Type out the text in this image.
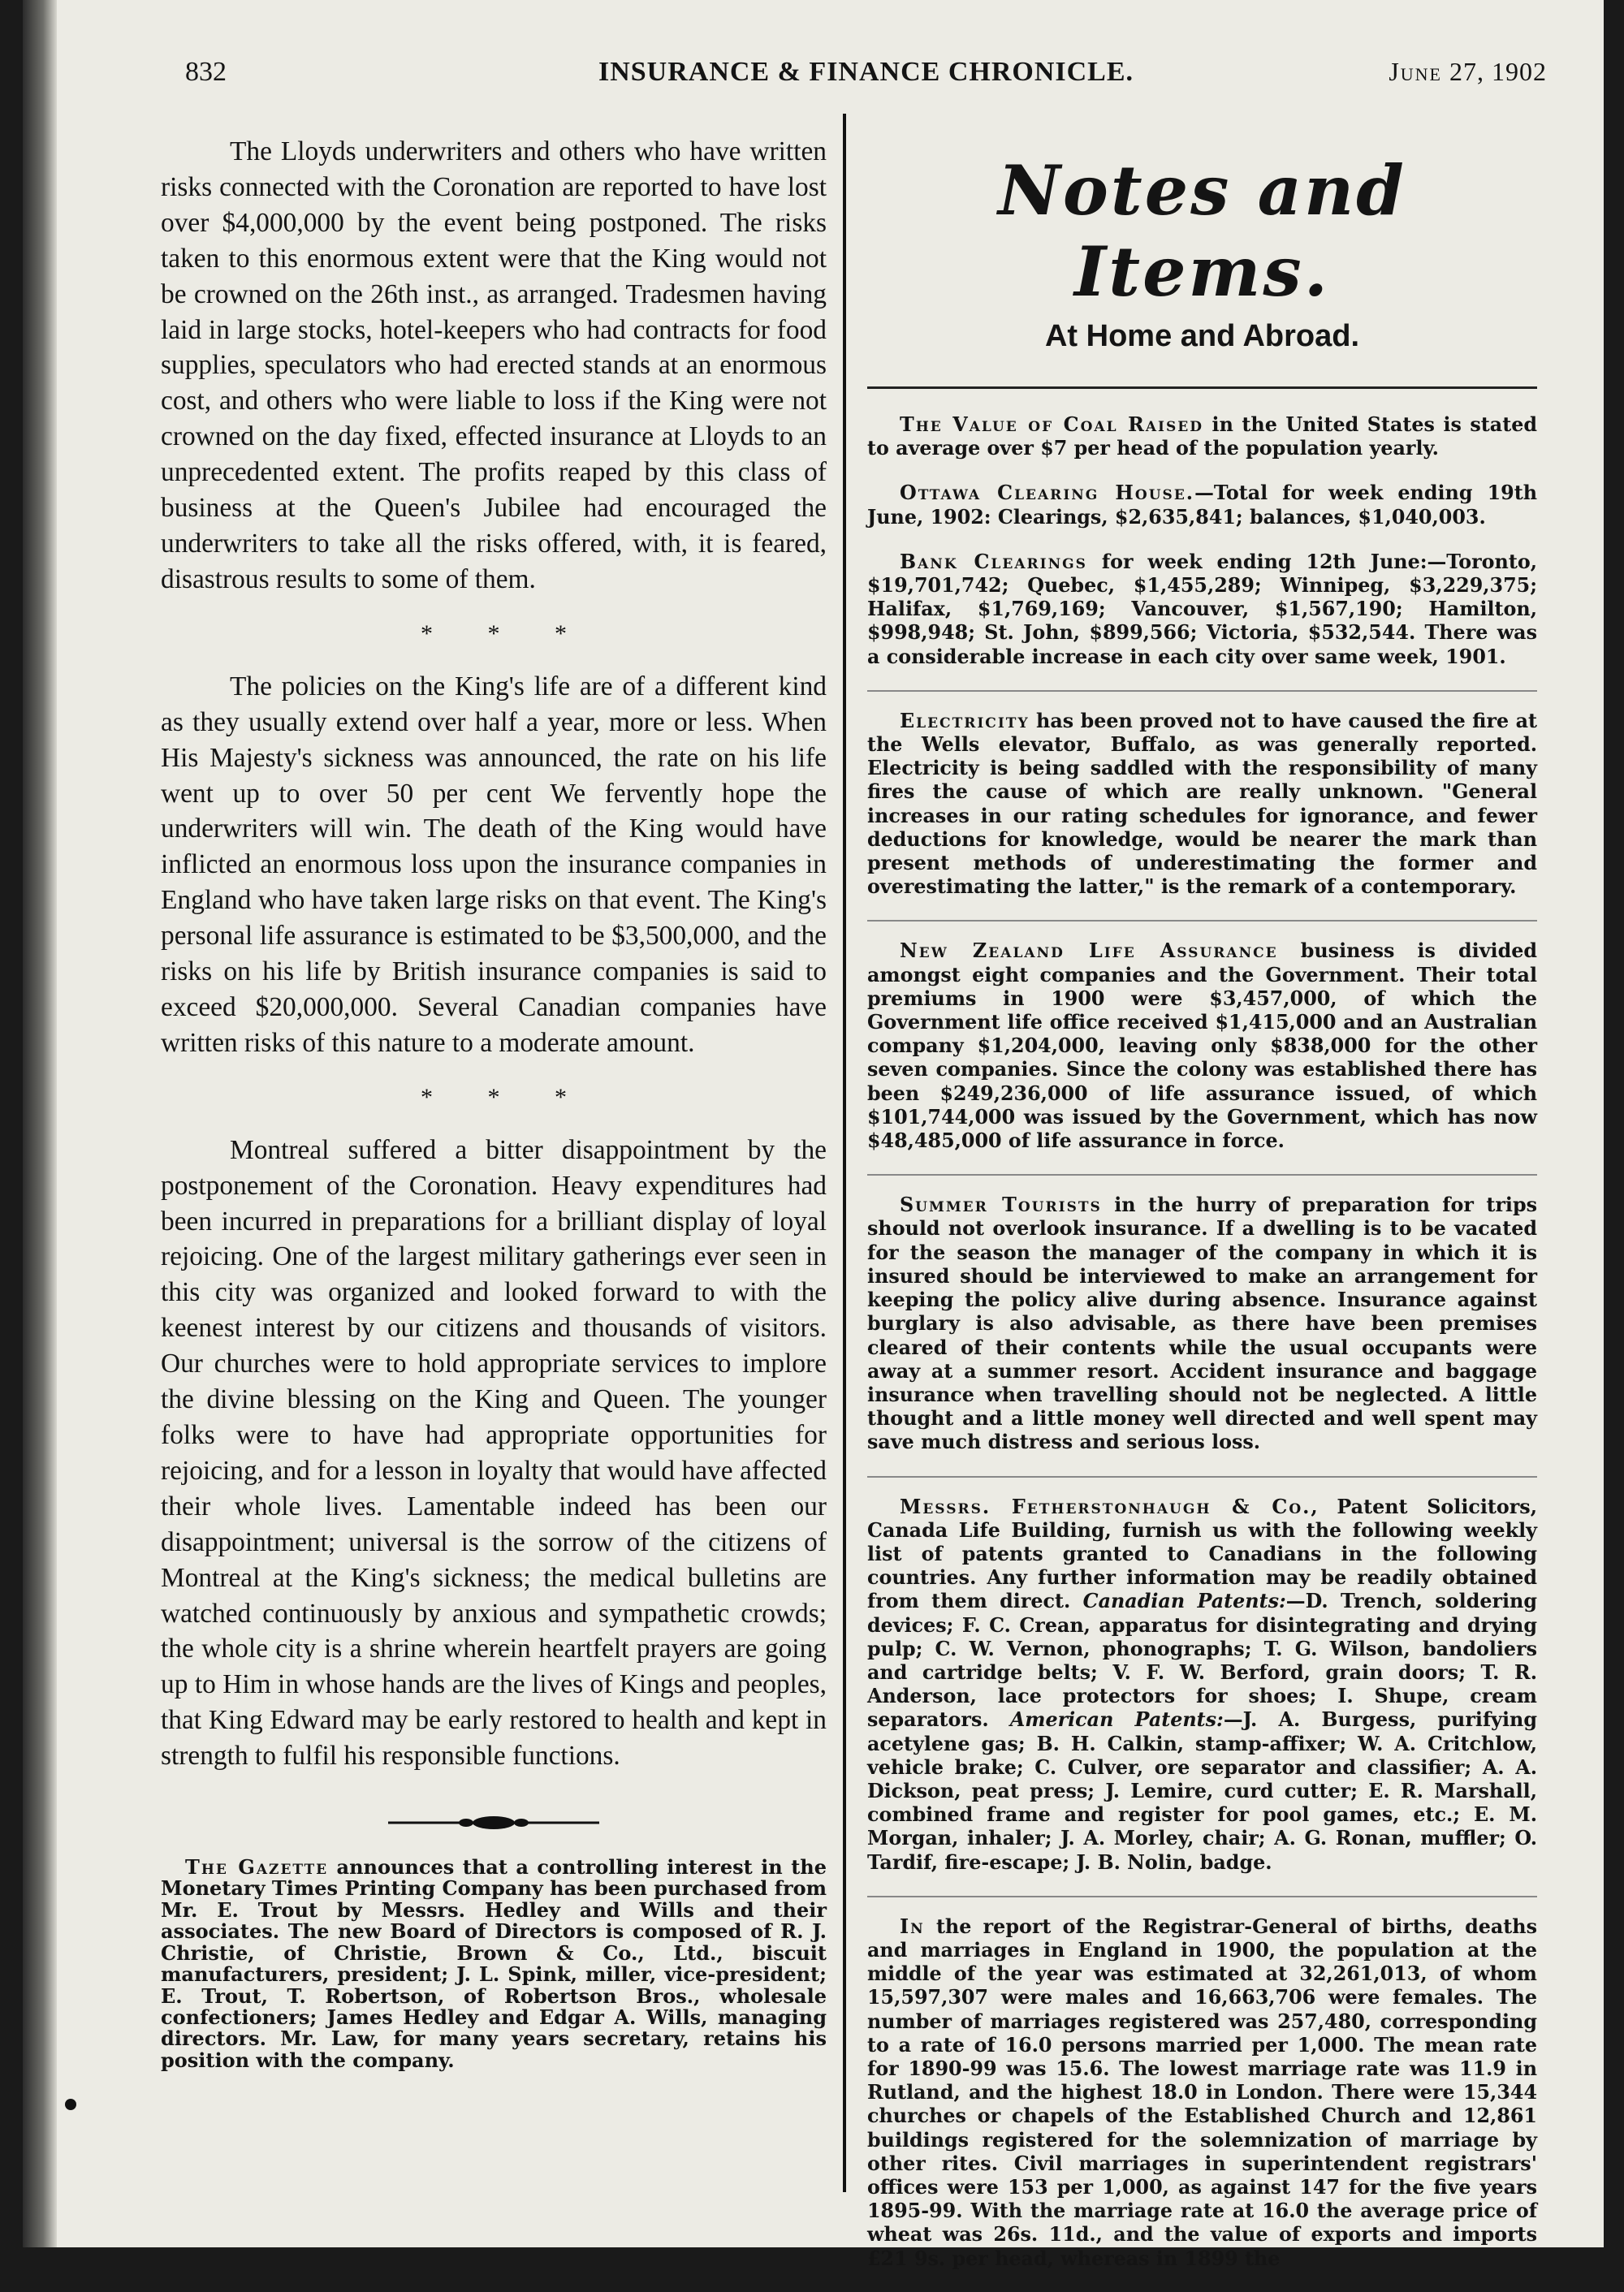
832	INSURANCE & FINANCE CHRONICLE.	June 27, 1902

The Lloyds underwriters and others who have written risks connected with the Coronation are reported to have lost over $4,000,000 by the event being postponed. The risks taken to this enormous extent were that the King would not be crowned on the 26th inst., as arranged. Tradesmen having laid in large stocks, hotel-keepers who had contracts for food supplies, speculators who had erected stands at an enormous cost, and others who were liable to loss if the King were not crowned on the day fixed, effected insurance at Lloyds to an unprecedented extent. The profits reaped by this class of business at the Queen's Jubilee had encouraged the underwriters to take all the risks offered, with, it is feared, disastrous results to some of them.

* * *

The policies on the King's life are of a different kind as they usually extend over half a year, more or less. When His Majesty's sickness was announced, the rate on his life went up to over 50 per cent We fervently hope the underwriters will win. The death of the King would have inflicted an enormous loss upon the insurance companies in England who have taken large risks on that event. The King's personal life assurance is estimated to be $3,500,000, and the risks on his life by British insurance companies is said to exceed $20,000,000. Several Canadian companies have written risks of this nature to a moderate amount.

* * *

Montreal suffered a bitter disappointment by the postponement of the Coronation. Heavy expenditures had been incurred in preparations for a brilliant display of loyal rejoicing. One of the largest military gatherings ever seen in this city was organized and looked forward to with the keenest interest by our citizens and thousands of visitors. Our churches were to hold appropriate services to implore the divine blessing on the King and Queen. The younger folks were to have had appropriate opportunities for rejoicing, and for a lesson in loyalty that would have affected their whole lives. Lamentable indeed has been our disappointment; universal is the sorrow of the citizens of Montreal at the King's sickness; the medical bulletins are watched continuously by anxious and sympathetic crowds; the whole city is a shrine wherein heartfelt prayers are going up to Him in whose hands are the lives of Kings and peoples, that King Edward may be early restored to health and kept in strength to fulfil his responsible functions.

The Gazette announces that a controlling interest in the Monetary Times Printing Company has been purchased from Mr. E. Trout by Messrs. Hedley and Wills and their associates. The new Board of Directors is composed of R. J. Christie, of Christie, Brown & Co., Ltd., biscuit manufacturers, president; J. L. Spink, miller, vice-president; E. Trout, T. Robertson, of Robertson Bros., wholesale confectioners; James Hedley and Edgar A. Wills, managing directors. Mr. Law, for many years secretary, retains his position with the company.

Notes and Items.
At Home and Abroad.

The Value of Coal Raised in the United States is stated to average over $7 per head of the population yearly.

Ottawa Clearing House.—Total for week ending 19th June, 1902: Clearings, $2,635,841; balances, $1,040,003.

Bank Clearings for week ending 12th June:—Toronto, $19,701,742; Quebec, $1,455,289; Winnipeg, $3,229,375; Halifax, $1,769,169; Vancouver, $1,567,190; Hamilton, $998,948; St. John, $899,566; Victoria, $532,544. There was a considerable increase in each city over same week, 1901.

Electricity has been proved not to have caused the fire at the Wells elevator, Buffalo, as was generally reported. Electricity is being saddled with the responsibility of many fires the cause of which are really unknown. "General increases in our rating schedules for ignorance, and fewer deductions for knowledge, would be nearer the mark than present methods of underestimating the former and overestimating the latter," is the remark of a contemporary.

New Zealand Life Assurance business is divided amongst eight companies and the Government. Their total premiums in 1900 were $3,457,000, of which the Government life office received $1,415,000 and an Australian company $1,204,000, leaving only $838,000 for the other seven companies. Since the colony was established there has been $249,236,000 of life assurance issued, of which $101,744,000 was issued by the Government, which has now $48,485,000 of life assurance in force.

Summer Tourists in the hurry of preparation for trips should not overlook insurance. If a dwelling is to be vacated for the season the manager of the company in which it is insured should be interviewed to make an arrangement for keeping the policy alive during absence. Insurance against burglary is also advisable, as there have been premises cleared of their contents while the usual occupants were away at a summer resort. Accident insurance and baggage insurance when travelling should not be neglected. A little thought and a little money well directed and well spent may save much distress and serious loss.

Messrs. Fetherstonhaugh & Co., Patent Solicitors, Canada Life Building, furnish us with the following weekly list of patents granted to Canadians in the following countries. Any further information may be readily obtained from them direct. Canadian Patents:—D. Trench, soldering devices; F. C. Crean, apparatus for disintegrating and drying pulp; C. W. Vernon, phonographs; T. G. Wilson, bandoliers and cartridge belts; V. F. W. Berford, grain doors; T. R. Anderson, lace protectors for shoes; I. Shupe, cream separators. American Patents:—J. A. Burgess, purifying acetylene gas; B. H. Calkin, stamp-affixer; W. A. Critchlow, vehicle brake; C. Culver, ore separator and classifier; A. A. Dickson, peat press; J. Lemire, curd cutter; E. R. Marshall, combined frame and register for pool games, etc.; E. M. Morgan, inhaler; J. A. Morley, chair; A. G. Ronan, muffler; O. Tardif, fire-escape; J. B. Nolin, badge.

In the report of the Registrar-General of births, deaths and marriages in England in 1900, the population at the middle of the year was estimated at 32,261,013, of whom 15,597,307 were males and 16,663,706 were females. The number of marriages registered was 257,480, corresponding to a rate of 16.0 persons married per 1,000. The mean rate for 1890-99 was 15.6. The lowest marriage rate was 11.9 in Rutland, and the highest 18.0 in London. There were 15,344 churches or chapels of the Established Church and 12,861 buildings registered for the solemnization of marriage by other rites. Civil marriages in superintendent registrars' offices were 153 per 1,000, as against 147 for the five years 1895-99. With the marriage rate at 16.0 the average price of wheat was 26s. 11d., and the value of exports and imports £21 9s. per head, whereas in 1899 the
